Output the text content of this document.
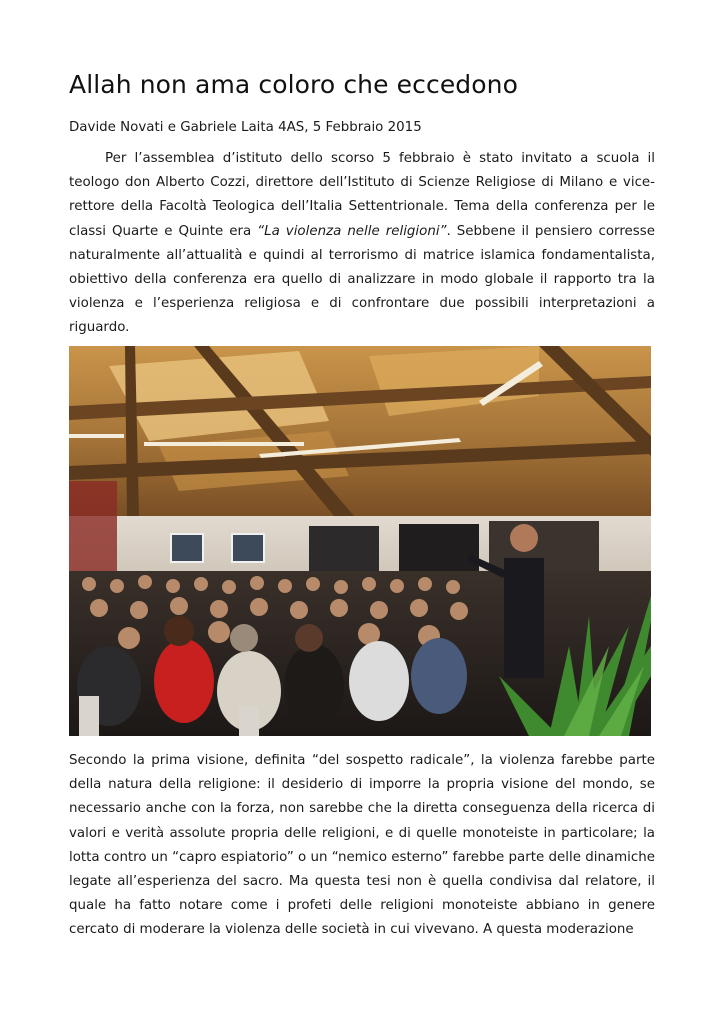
Allah non ama coloro che eccedono

Davide Novati e Gabriele Laita 4AS, 5 Febbraio 2015

Per l’assemblea d’istituto dello scorso 5 febbraio è stato invitato a scuola il teologo don Alberto Cozzi, direttore dell’Istituto di Scienze Religiose di Milano e vice-rettore della Facoltà Teologica dell’Italia Settentrionale. Tema della conferenza per le classi Quarte e Quinte era “La violenza nelle religioni”. Sebbene il pensiero corresse naturalmente all’attualità e quindi al terrorismo di matrice islamica fondamentalista, obiettivo della conferenza era quello di analizzare in modo globale il rapporto tra la violenza e l’esperienza religiosa e di confrontare due possibili interpretazioni a riguardo.

Secondo la prima visione, definita “del sospetto radicale”, la violenza farebbe parte della natura della religione: il desiderio di imporre la propria visione del mondo, se necessario anche con la forza, non sarebbe che la diretta conseguenza della ricerca di valori e verità assolute propria delle religioni, e di quelle monoteiste in particolare; la lotta contro un “capro espiatorio” o un “nemico esterno” farebbe parte delle dinamiche legate all’esperienza del sacro. Ma questa tesi non è quella condivisa dal relatore, il quale ha fatto notare come i profeti delle religioni monoteiste abbiano in genere cercato di moderare la violenza delle società in cui vivevano. A questa moderazione
